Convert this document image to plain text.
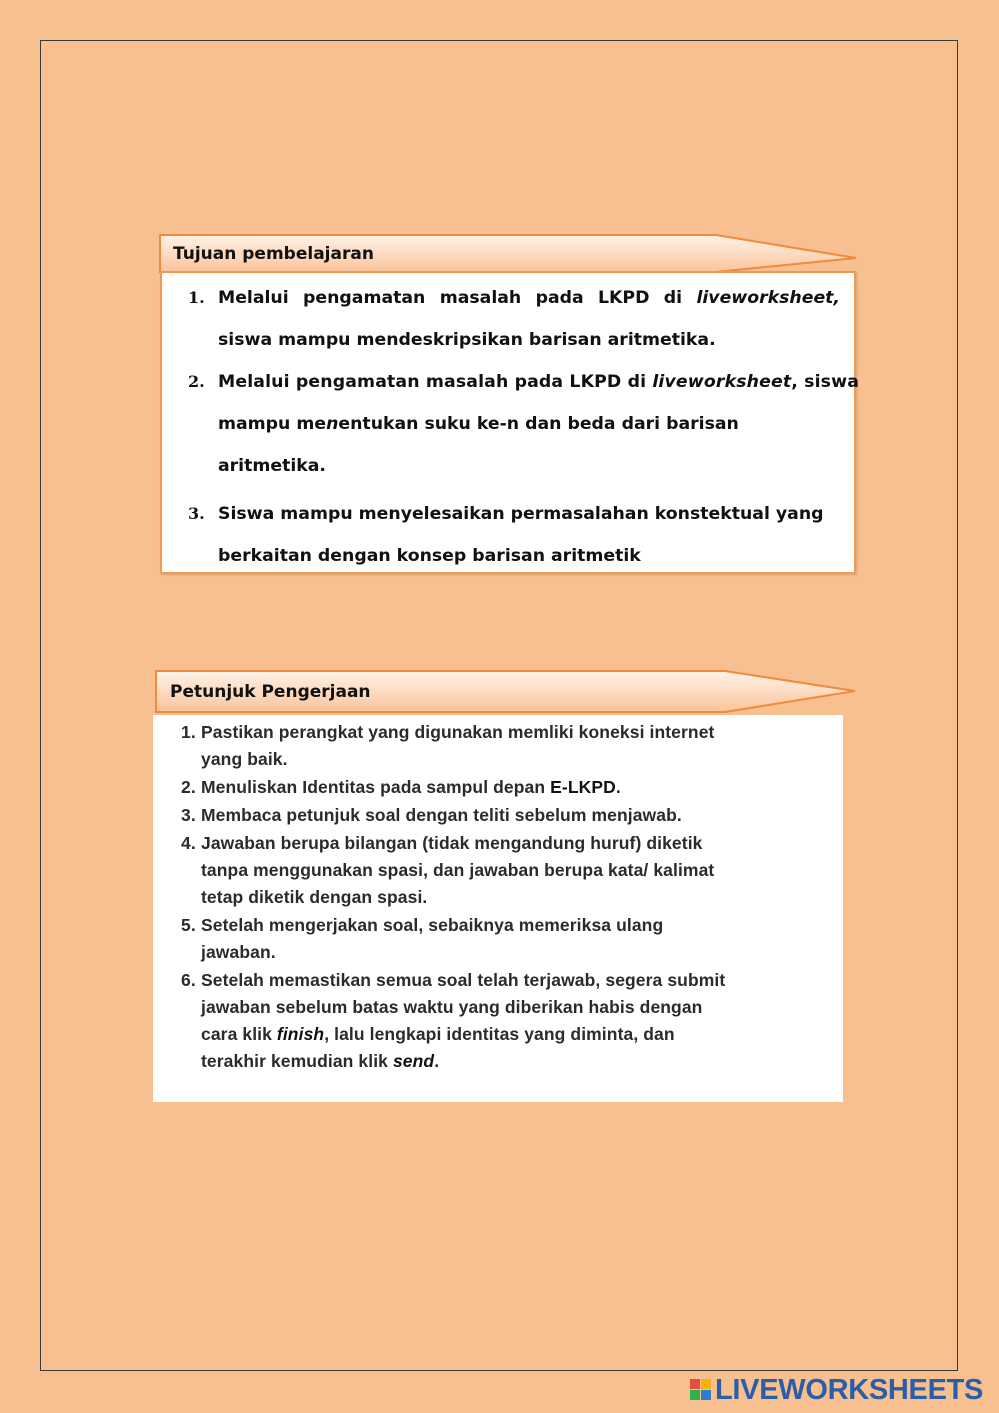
Tujuan pembelajaran
1. Melalui pengamatan masalah pada LKPD di liveworksheet,
siswa mampu mendeskripsikan barisan aritmetika.
2. Melalui pengamatan masalah pada LKPD di liveworksheet, siswa
mampu menentukan suku ke-n dan beda dari barisan
aritmetika.
3. Siswa mampu menyelesaikan permasalahan konstektual yang
berkaitan dengan konsep barisan aritmetik
Petunjuk Pengerjaan
1. Pastikan perangkat yang digunakan memliki koneksi internet
yang baik.
2. Menuliskan Identitas pada sampul depan E-LKPD.
3. Membaca petunjuk soal dengan teliti sebelum menjawab.
4. Jawaban berupa bilangan (tidak mengandung huruf) diketik
tanpa menggunakan spasi, dan jawaban berupa kata/ kalimat
tetap diketik dengan spasi.
5. Setelah mengerjakan soal, sebaiknya memeriksa ulang
jawaban.
6. Setelah memastikan semua soal telah terjawab, segera submit
jawaban sebelum batas waktu yang diberikan habis dengan
cara klik finish, lalu lengkapi identitas yang diminta, dan
terakhir kemudian klik send.
LIVEWORKSHEETS
